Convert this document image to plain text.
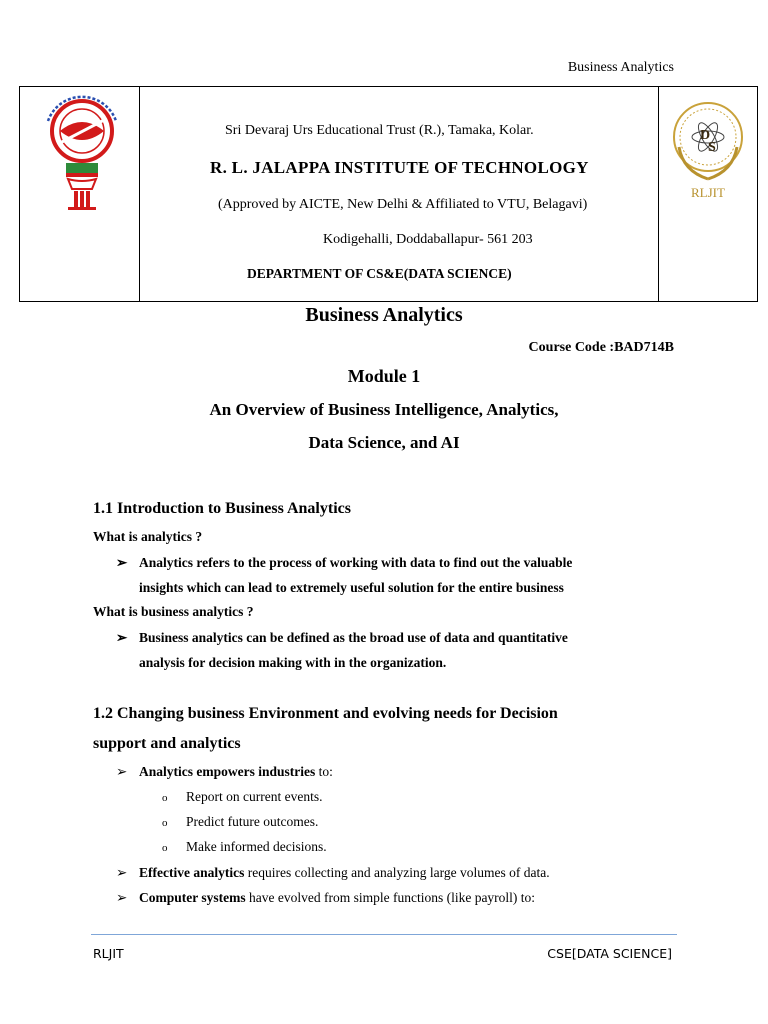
Business Analytics
Sri Devaraj Urs Educational Trust (R.), Tamaka, Kolar.
R. L. JALAPPA INSTITUTE OF TECHNOLOGY
(Approved by AICTE, New Delhi & Affiliated to VTU, Belagavi)
Kodigehalli, Doddaballapur- 561 203
DEPARTMENT OF CS&E(DATA SCIENCE)
D
S
RLJIT
Business Analytics
Course Code :BAD714B
Module 1
An Overview of Business Intelligence, Analytics,
Data Science, and AI
1.1 Introduction to Business Analytics
What is analytics ?
➢ Analytics refers to the process of working with data to find out the valuable
insights which can lead to extremely useful solution for the entire business
What is business analytics ?
➢ Business analytics can be defined as the broad use of data and quantitative
analysis for decision making with in the organization.
1.2 Changing business Environment and evolving needs for Decision
support and analytics
➢ Analytics empowers industries to:
o Report on current events.
o Predict future outcomes.
o Make informed decisions.
➢ Effective analytics requires collecting and analyzing large volumes of data.
➢ Computer systems have evolved from simple functions (like payroll) to:
RLJIT	CSE[DATA SCIENCE]
